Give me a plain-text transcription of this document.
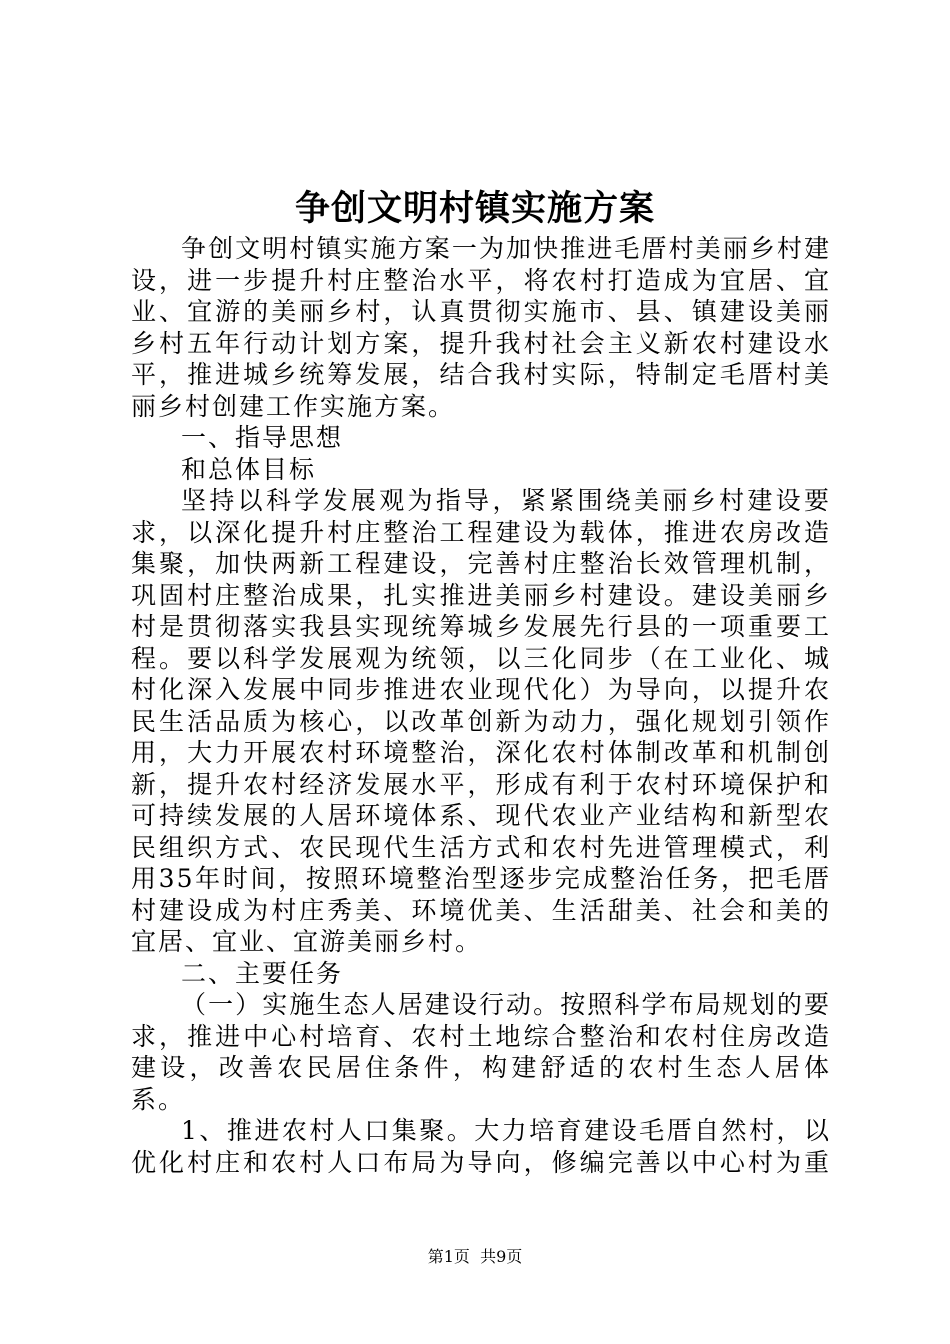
争创文明村镇实施方案

争创文明村镇实施方案一为加快推进毛厝村美丽乡村建设，进一步提升村庄整治水平，将农村打造成为宜居、宜业、宜游的美丽乡村，认真贯彻实施市、县、镇建设美丽乡村五年行动计划方案，提升我村社会主义新农村建设水平，推进城乡统筹发展，结合我村实际，特制定毛厝村美丽乡村创建工作实施方案。

一、指导思想

和总体目标

坚持以科学发展观为指导，紧紧围绕美丽乡村建设要求，以深化提升村庄整治工程建设为载体，推进农房改造集聚，加快两新工程建设，完善村庄整治长效管理机制，巩固村庄整治成果，扎实推进美丽乡村建设。建设美丽乡村是贯彻落实我县实现统筹城乡发展先行县的一项重要工程。要以科学发展观为统领，以三化同步（在工业化、城村化深入发展中同步推进农业现代化）为导向，以提升农民生活品质为核心，以改革创新为动力，强化规划引领作用，大力开展农村环境整治，深化农村体制改革和机制创新，提升农村经济发展水平，形成有利于农村环境保护和可持续发展的人居环境体系、现代农业产业结构和新型农民组织方式、农民现代生活方式和农村先进管理模式，利用35年时间，按照环境整治型逐步完成整治任务，把毛厝村建设成为村庄秀美、环境优美、生活甜美、社会和美的宜居、宜业、宜游美丽乡村。

二、主要任务

（一）实施生态人居建设行动。按照科学布局规划的要求，推进中心村培育、农村土地综合整治和农村住房改造建设，改善农民居住条件，构建舒适的农村生态人居体系。

1、推进农村人口集聚。大力培育建设毛厝自然村，以优化村庄和农村人口布局为导向，修编完善以中心村为重

第1页  共9页
